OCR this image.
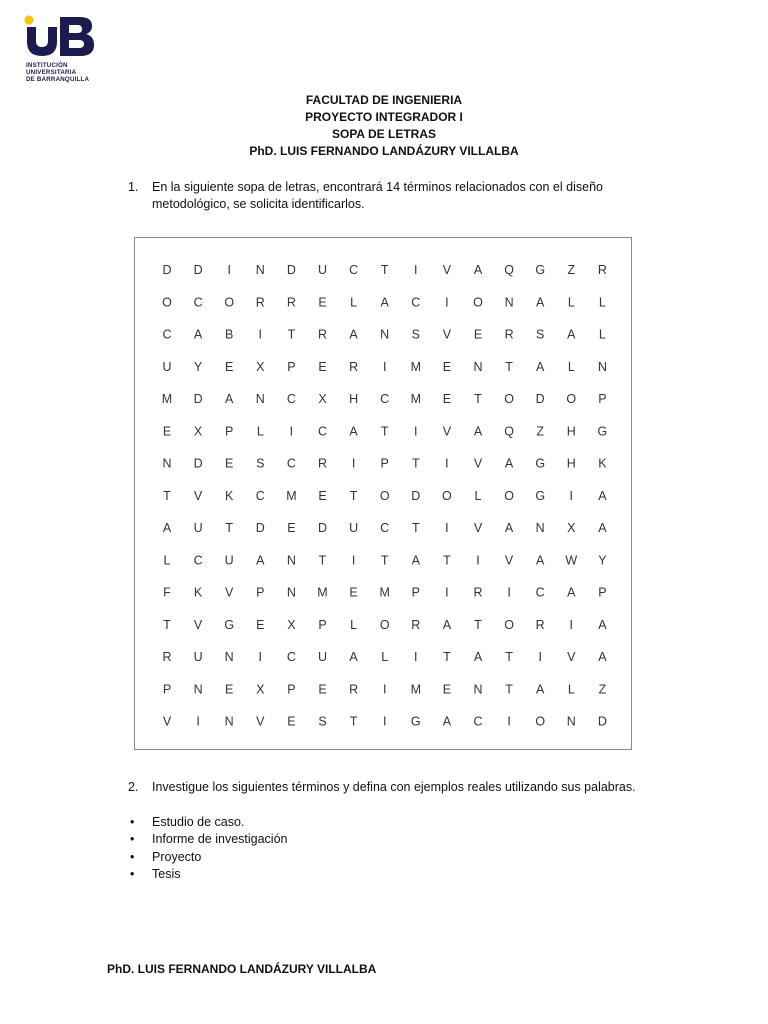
INSTITUCIÓN
UNIVERSITARIA
DE BARRANQUILLA
FACULTAD DE INGENIERIA
PROYECTO INTEGRADOR I
SOPA DE LETRAS
PhD. LUIS FERNANDO LANDÁZURY VILLALBA
1. En la siguiente sopa de letras, encontrará 14 términos relacionados con el diseño metodológico, se solicita identificarlos.
D D I N D U C T I V A Q G Z R
O C O R R E L A C I O N A L L
C A B I T R A N S V E R S A L
U Y E X P E R I M E N T A L N
M D A N C X H C M E T O D O P
E X P L I C A T I V A Q Z H G
N D E S C R I P T I V A G H K
T V K C M E T O D O L O G I A
A U T D E D U C T I V A N X A
L C U A N T I T A T I V A W Y
F K V P N M E M P I R I C A P
T V G E X P L O R A T O R I A
R U N I C U A L I T A T I V A
P N E X P E R I M E N T A L Z
V I N V E S T I G A C I O N D
2. Investigue los siguientes términos y defina con ejemplos reales utilizando sus palabras.
• Estudio de caso.
• Informe de investigación
• Proyecto
• Tesis
PhD. LUIS FERNANDO LANDÁZURY VILLALBA
